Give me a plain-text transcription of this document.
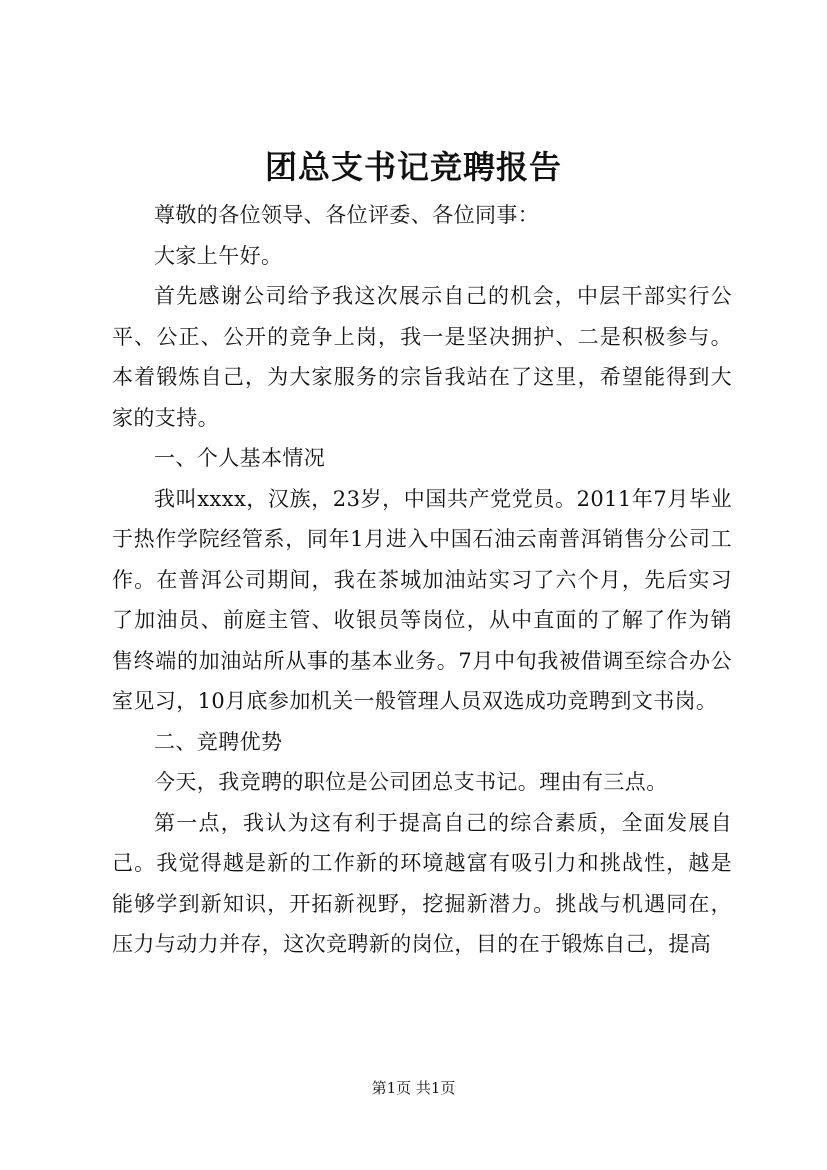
团总支书记竞聘报告

尊敬的各位领导、各位评委、各位同事：

大家上午好。

首先感谢公司给予我这次展示自己的机会，中层干部实行公平、公正、公开的竞争上岗，我一是坚决拥护、二是积极参与。本着锻炼自己，为大家服务的宗旨我站在了这里，希望能得到大家的支持。

一、个人基本情况

我叫xxxx，汉族，23岁，中国共产党党员。2011年7月毕业于热作学院经管系，同年1月进入中国石油云南普洱销售分公司工作。在普洱公司期间，我在茶城加油站实习了六个月，先后实习了加油员、前庭主管、收银员等岗位，从中直面的了解了作为销售终端的加油站所从事的基本业务。7月中旬我被借调至综合办公室见习，10月底参加机关一般管理人员双选成功竞聘到文书岗。

二、竞聘优势

今天，我竞聘的职位是公司团总支书记。理由有三点。

第一点，我认为这有利于提高自己的综合素质，全面发展自己。我觉得越是新的工作新的环境越富有吸引力和挑战性，越是能够学到新知识，开拓新视野，挖掘新潜力。挑战与机遇同在，压力与动力并存，这次竞聘新的岗位，目的在于锻炼自己，提高

第1页 共1页
